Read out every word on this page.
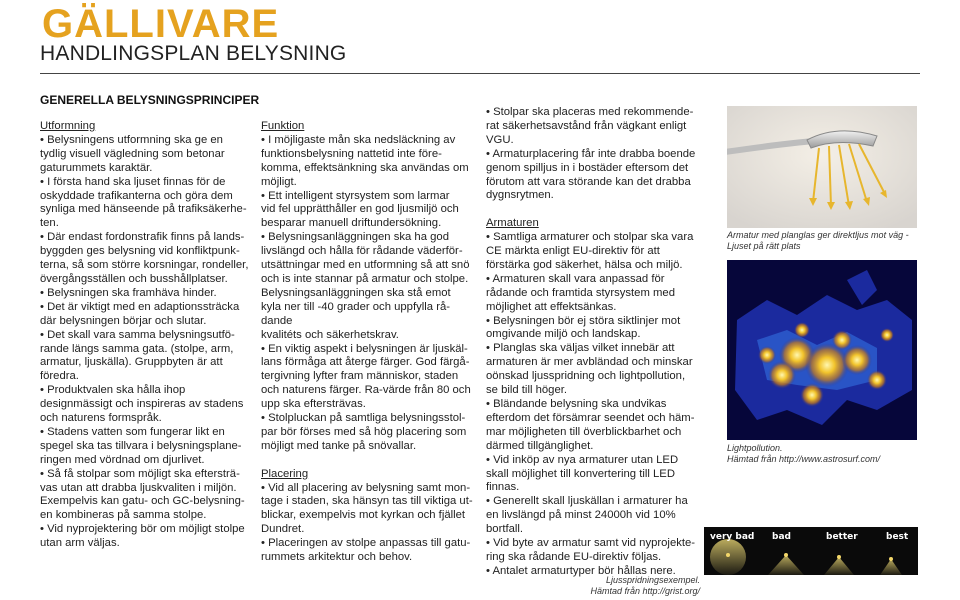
GÄLLIVARE
HANDLINGSPLAN BELYSNING
GENERELLA BELYSNINGSPRINCIPER

Utformning

• Belysningens utformning ska ge en

tydlig visuell vägledning som betonar

gaturummets karaktär.

• I första hand ska ljuset finnas för de

oskyddade trafikanterna och göra dem

synliga med hänseende på trafiksäkerhe-

ten.

• Där endast fordonstrafik finns på lands-

byggden ges belysning vid konfliktpunk-

terna, så som större korsningar, rondeller,

övergångsställen och busshållplatser.

• Belysningen ska framhäva hinder.

• Det är viktigt med en adaptionssträcka

där belysningen börjar och slutar.

• Det skall vara samma belysningsutfö-

rande längs samma gata. (stolpe, arm,

armatur, ljuskälla). Gruppbyten är att

föredra.

• Produktvalen ska hålla ihop

designmässigt och inspireras av stadens

och naturens formspråk.

• Stadens vatten som fungerar likt en

spegel ska tas tillvara i belysningsplane-

ringen med vördnad om djurlivet.

• Så få stolpar som möjligt ska eftersträ-

vas utan att drabba ljuskvaliten i miljön.

Exempelvis kan gatu- och GC-belysning-

en kombineras på samma stolpe.

• Vid nyprojektering bör om möjligt stolpe

utan arm väljas.

Funktion

• I möjligaste mån ska nedsläckning av

funktionsbelysning nattetid inte före-

komma, effektsänkning ska användas om

möjligt.

• Ett intelligent styrsystem som larmar

vid fel upprätthåller en god ljusmiljö och

besparar manuell driftundersökning.

• Belysningsanläggningen ska ha god

livslängd och hålla för rådande väderför-

utsättningar med en utformning så att snö

och is inte stannar på armatur och stolpe.

Belysningsanläggningen ska stå emot

kyla ner till -40 grader och uppfylla rå-

dande

kvalitéts och säkerhetskrav.

• En viktig aspekt i belysningen är ljuskäl-

lans förmåga att återge färger. God färgå-

tergivning lyfter fram människor, staden

och naturens färger. Ra-värde från 80 och

upp ska eftersträvas.

• Stolpluckan på samtliga belysningsstol-

par bör förses med så hög placering som

möjligt med tanke på snövallar.

Placering

• Vid all placering av belysning samt mon-

tage i staden, ska hänsyn tas till viktiga ut-

blickar, exempelvis mot kyrkan och fjället

Dundret.

• Placeringen av stolpe anpassas till gatu-

rummets arkitektur och behov.

• Stolpar ska placeras med rekommende-

rat säkerhetsavstånd från vägkant enligt

VGU.

• Armaturplacering får inte drabba boende

genom spilljus in i bostäder eftersom det

förutom att vara störande kan det drabba

dygnsrytmen.

Armaturen

• Samtliga armaturer och stolpar ska vara

CE märkta enligt EU-direktiv för att

förstärka god säkerhet, hälsa och miljö.

• Armaturen skall vara anpassad för

rådande och framtida styrsystem med

möjlighet att effektsänkas.

• Belysningen bör ej störa siktlinjer mot

omgivande miljö och landskap.

• Planglas ska väljas vilket innebär att

armaturen är mer avbländad och minskar

oönskad ljusspridning och lightpollution,

se bild till höger.

• Bländande belysning ska undvikas

efterdom det försämrar seendet och häm-

mar möjligheten till överblickbarhet och

därmed tillgänglighet.

• Vid inköp av nya armaturer utan LED

skall möjlighet till konvertering till LED

finnas.

• Generellt skall ljuskällan i armaturer ha

en livslängd på minst 24000h vid 10%

bortfall.

• Vid byte av armatur samt vid nyprojekte-

ring ska rådande EU-direktiv följas.

• Antalet armaturtyper bör hållas nere.

Armatur med planglas ger direktljus mot väg - Ljuset på rätt plats
Lightpollution.
Hämtad från http://www.astrosurf.com/
very bad bad	better	best
Ljusspridningsexempel.
Hämtad från http://grist.org/
